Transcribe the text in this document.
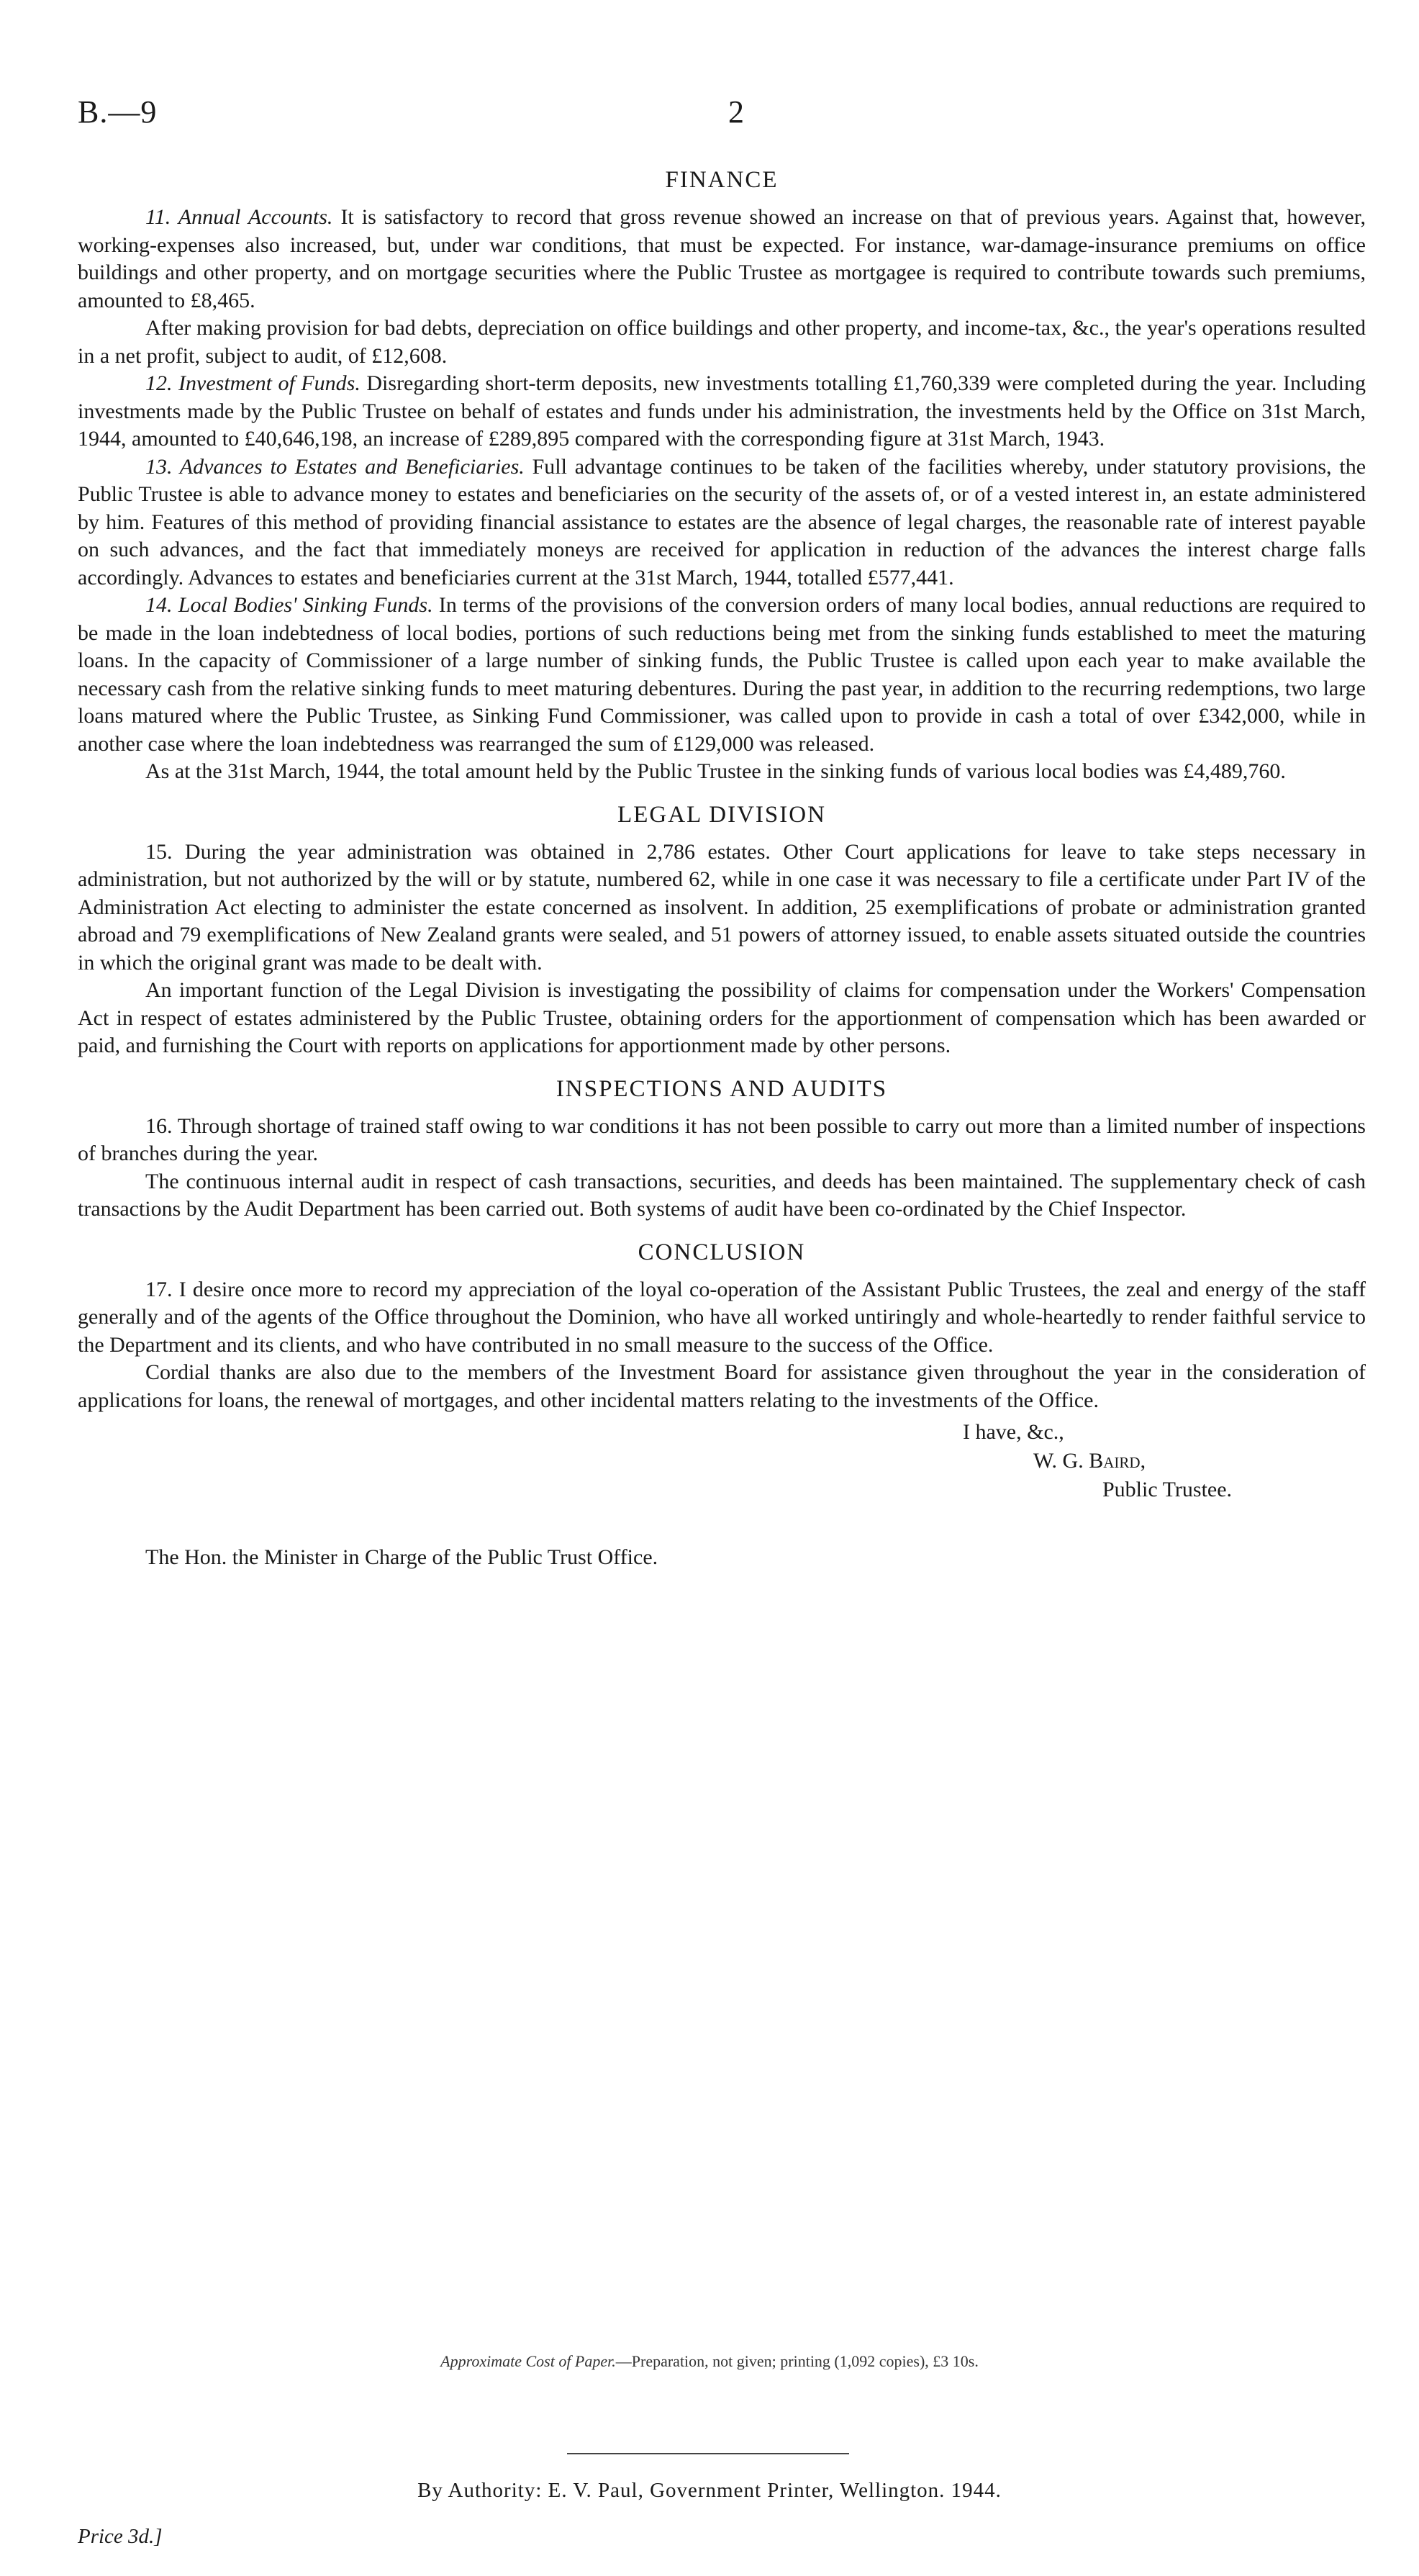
B.—9	2
FINANCE

11. Annual Accounts. It is satisfactory to record that gross revenue showed an increase on that of previous years. Against that, however, working-expenses also increased, but, under war conditions, that must be expected. For instance, war-damage-insurance premiums on office buildings and other property, and on mortgage securities where the Public Trustee as mortgagee is required to contribute towards such premiums, amounted to £8,465.

After making provision for bad debts, depreciation on office buildings and other property, and income-tax, &c., the year's operations resulted in a net profit, subject to audit, of £12,608.

12. Investment of Funds. Disregarding short-term deposits, new investments totalling £1,760,339 were completed during the year. Including investments made by the Public Trustee on behalf of estates and funds under his administration, the investments held by the Office on 31st March, 1944, amounted to £40,646,198, an increase of £289,895 compared with the corresponding figure at 31st March, 1943.

13. Advances to Estates and Beneficiaries. Full advantage continues to be taken of the facilities whereby, under statutory provisions, the Public Trustee is able to advance money to estates and beneficiaries on the security of the assets of, or of a vested interest in, an estate administered by him. Features of this method of providing financial assistance to estates are the absence of legal charges, the reasonable rate of interest payable on such advances, and the fact that immediately moneys are received for application in reduction of the advances the interest charge falls accordingly. Advances to estates and beneficiaries current at the 31st March, 1944, totalled £577,441.

14. Local Bodies' Sinking Funds. In terms of the provisions of the conversion orders of many local bodies, annual reductions are required to be made in the loan indebtedness of local bodies, portions of such reductions being met from the sinking funds established to meet the maturing loans. In the capacity of Commissioner of a large number of sinking funds, the Public Trustee is called upon each year to make available the necessary cash from the relative sinking funds to meet maturing debentures. During the past year, in addition to the recurring redemptions, two large loans matured where the Public Trustee, as Sinking Fund Commissioner, was called upon to provide in cash a total of over £342,000, while in another case where the loan indebtedness was rearranged the sum of £129,000 was released.

As at the 31st March, 1944, the total amount held by the Public Trustee in the sinking funds of various local bodies was £4,489,760.

LEGAL DIVISION

15. During the year administration was obtained in 2,786 estates. Other Court applications for leave to take steps necessary in administration, but not authorized by the will or by statute, numbered 62, while in one case it was necessary to file a certificate under Part IV of the Administration Act electing to administer the estate concerned as insolvent. In addition, 25 exemplifications of probate or administration granted abroad and 79 exemplifications of New Zealand grants were sealed, and 51 powers of attorney issued, to enable assets situated outside the countries in which the original grant was made to be dealt with.

An important function of the Legal Division is investigating the possibility of claims for compensation under the Workers' Compensation Act in respect of estates administered by the Public Trustee, obtaining orders for the apportionment of compensation which has been awarded or paid, and furnishing the Court with reports on applications for apportionment made by other persons.

INSPECTIONS AND AUDITS

16. Through shortage of trained staff owing to war conditions it has not been possible to carry out more than a limited number of inspections of branches during the year.

The continuous internal audit in respect of cash transactions, securities, and deeds has been maintained. The supplementary check of cash transactions by the Audit Department has been carried out. Both systems of audit have been co-ordinated by the Chief Inspector.

CONCLUSION

17. I desire once more to record my appreciation of the loyal co-operation of the Assistant Public Trustees, the zeal and energy of the staff generally and of the agents of the Office throughout the Dominion, who have all worked untiringly and whole-heartedly to render faithful service to the Department and its clients, and who have contributed in no small measure to the success of the Office.

Cordial thanks are also due to the members of the Investment Board for assistance given throughout the year in the consideration of applications for loans, the renewal of mortgages, and other incidental matters relating to the investments of the Office.

I have, &c.,
W. G. Baird,
Public Trustee.
The Hon. the Minister in Charge of the Public Trust Office.
Approximate Cost of Paper.—Preparation, not given; printing (1,092 copies), £3 10s.
By Authority: E. V. Paul, Government Printer, Wellington. 1944.
Price 3d.]
